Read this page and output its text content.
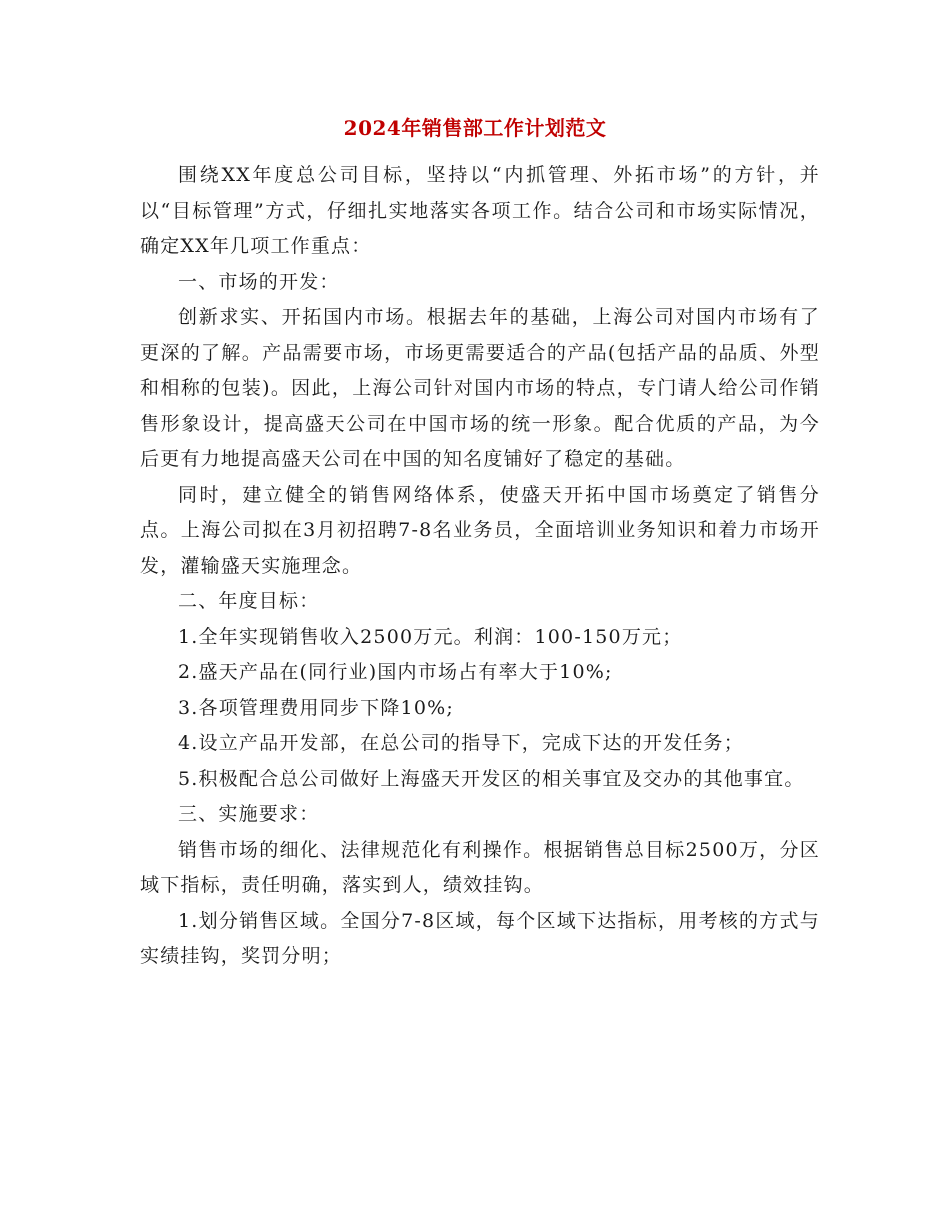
2024年销售部工作计划范文

围绕XX年度总公司目标，坚持以“内抓管理、外拓市场”的方针，并以“目标管理”方式，仔细扎实地落实各项工作。结合公司和市场实际情况，确定XX年几项工作重点：

一、市场的开发：

创新求实、开拓国内市场。根据去年的基础，上海公司对国内市场有了更深的了解。产品需要市场，市场更需要适合的产品(包括产品的品质、外型和相称的包装)。因此，上海公司针对国内市场的特点，专门请人给公司作销售形象设计，提高盛天公司在中国市场的统一形象。配合优质的产品，为今后更有力地提高盛天公司在中国的知名度铺好了稳定的基础。

同时，建立健全的销售网络体系，使盛天开拓中国市场奠定了销售分点。上海公司拟在3月初招聘7-8名业务员，全面培训业务知识和着力市场开发，灌输盛天实施理念。

二、年度目标：

1.全年实现销售收入2500万元。利润：100-150万元；

2.盛天产品在(同行业)国内市场占有率大于10%;

3.各项管理费用同步下降10%;

4.设立产品开发部，在总公司的指导下，完成下达的开发任务；

5.积极配合总公司做好上海盛天开发区的相关事宜及交办的其他事宜。

三、实施要求：

销售市场的细化、法律规范化有利操作。根据销售总目标2500万，分区域下指标，责任明确，落实到人，绩效挂钩。

1.划分销售区域。全国分7-8区域，每个区域下达指标，用考核的方式与实绩挂钩，奖罚分明；
